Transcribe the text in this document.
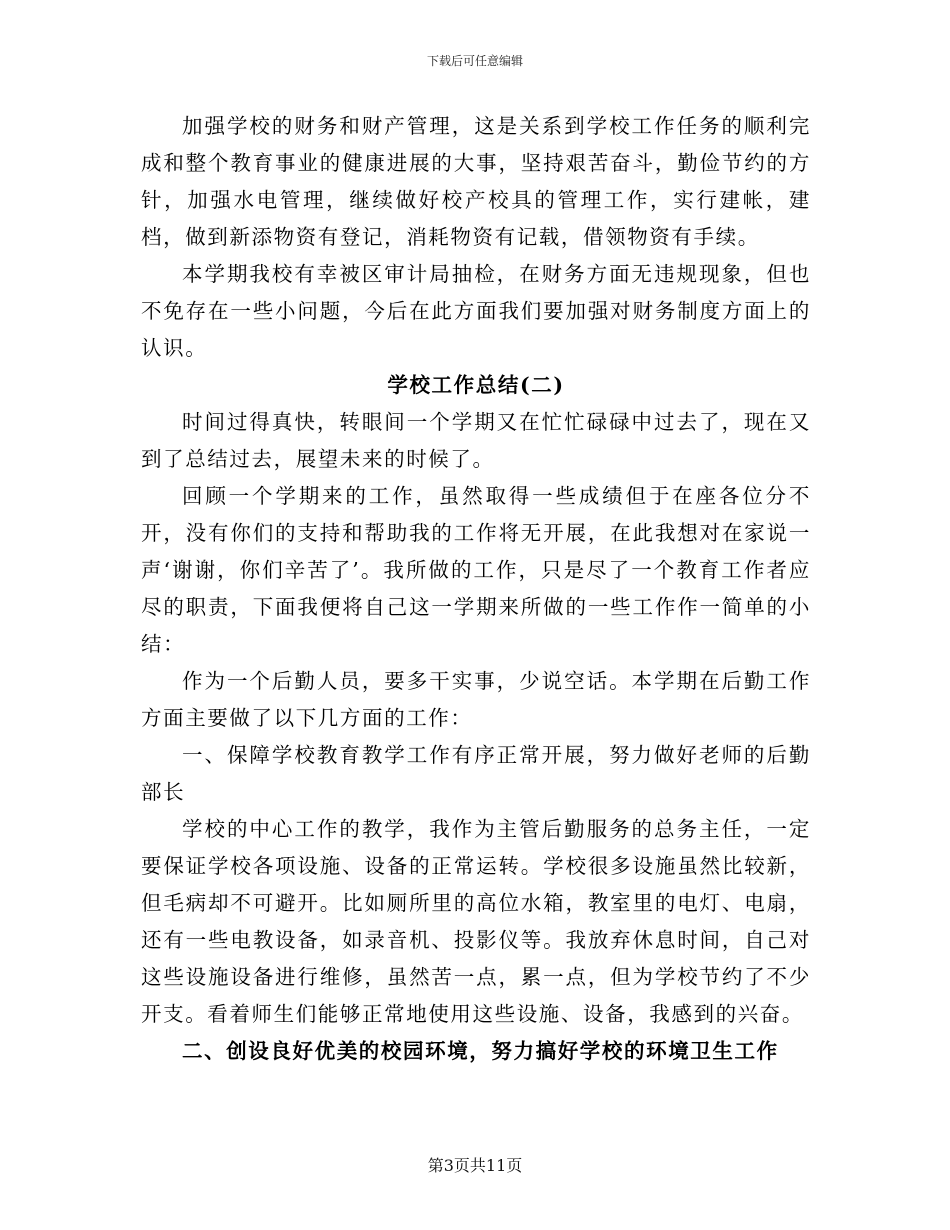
下载后可任意编辑

加强学校的财务和财产管理，这是关系到学校工作任务的顺利完成和整个教育事业的健康进展的大事，坚持艰苦奋斗，勤俭节约的方针，加强水电管理，继续做好校产校具的管理工作，实行建帐，建档，做到新添物资有登记，消耗物资有记载，借领物资有手续。

本学期我校有幸被区审计局抽检，在财务方面无违规现象，但也不免存在一些小问题，今后在此方面我们要加强对财务制度方面上的认识。

学校工作总结(二)

时间过得真快，转眼间一个学期又在忙忙碌碌中过去了，现在又到了总结过去，展望未来的时候了。

回顾一个学期来的工作，虽然取得一些成绩但于在座各位分不开，没有你们的支持和帮助我的工作将无开展，在此我想对在家说一声‘谢谢，你们辛苦了’。我所做的工作，只是尽了一个教育工作者应尽的职责，下面我便将自己这一学期来所做的一些工作作一简单的小结：

作为一个后勤人员，要多干实事，少说空话。本学期在后勤工作方面主要做了以下几方面的工作：

一、保障学校教育教学工作有序正常开展，努力做好老师的后勤部长

学校的中心工作的教学，我作为主管后勤服务的总务主任，一定要保证学校各项设施、设备的正常运转。学校很多设施虽然比较新，但毛病却不可避开。比如厕所里的高位水箱，教室里的电灯、电扇，还有一些电教设备，如录音机、投影仪等。我放弃休息时间，自己对这些设施设备进行维修，虽然苦一点，累一点，但为学校节约了不少开支。看着师生们能够正常地使用这些设施、设备，我感到的兴奋。

二、创设良好优美的校园环境，努力搞好学校的环境卫生工作

第3页共11页
